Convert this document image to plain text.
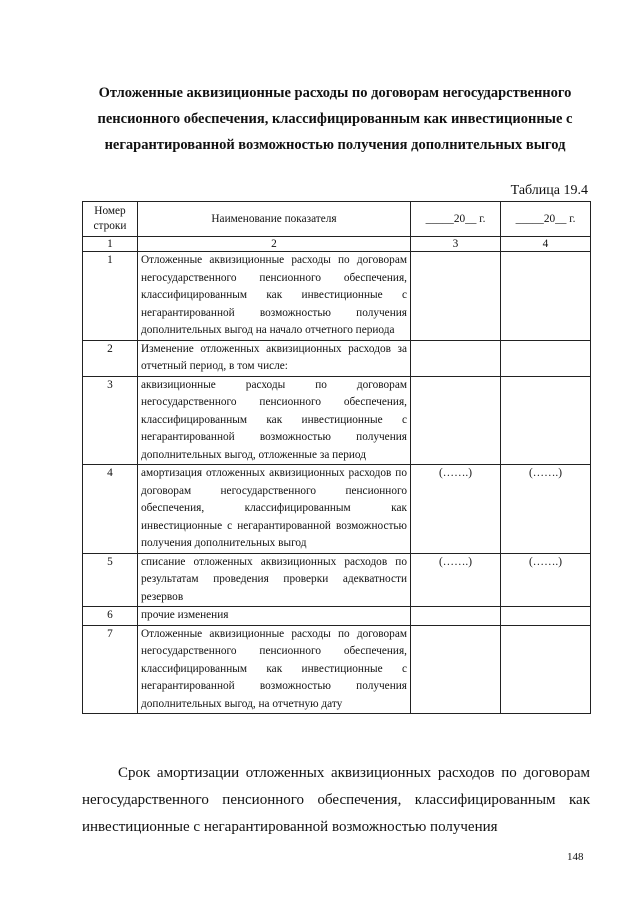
Отложенные аквизиционные расходы по договорам негосударственного пенсионного обеспечения, классифицированным как инвестиционные с негарантированной возможностью получения дополнительных выгод
Таблица 19.4
Номер строки	Наименование показателя	_____20__ г.	_____20__ г.
1	2	3	4
1	Отложенные аквизиционные расходы по договорам негосударственного пенсионного обеспечения, классифицированным как инвестиционные с негарантированной возможностью получения дополнительных выгод на начало отчетного периода		
2	Изменение отложенных аквизиционных расходов за отчетный период, в том числе:		
3	аквизиционные расходы по договорам негосударственного пенсионного обеспечения, классифицированным как инвестиционные с негарантированной возможностью получения дополнительных выгод, отложенные за период		
4	амортизация отложенных аквизиционных расходов по договорам негосударственного пенсионного обеспечения, классифицированным как инвестиционные с негарантированной возможностью получения дополнительных выгод	(…….)	(…….)
5	списание отложенных аквизиционных расходов по результатам проведения проверки адекватности резервов	(…….)	(…….)
6	прочие изменения		
7	Отложенные аквизиционные расходы по договорам негосударственного пенсионного обеспечения, классифицированным как инвестиционные с негарантированной возможностью получения дополнительных выгод, на отчетную дату		
Срок амортизации отложенных аквизиционных расходов по договорам негосударственного пенсионного обеспечения, классифицированным как инвестиционные с негарантированной возможностью получения
148
